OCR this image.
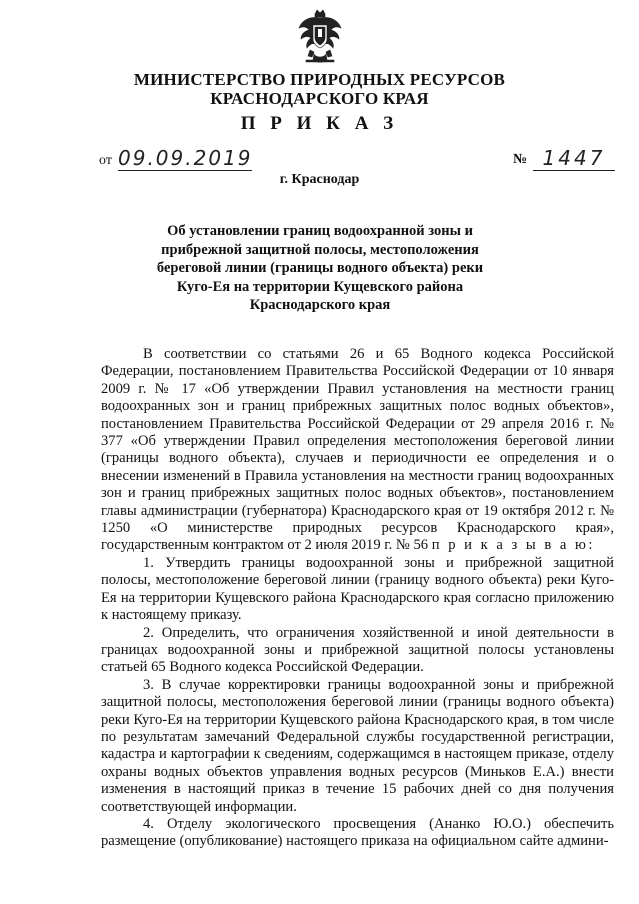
МИНИСТЕРСТВО ПРИРОДНЫХ РЕСУРСОВ
КРАСНОДАРСКОГО КРАЯ
П Р И К А З
от 09.09.2019	№ 1447
г. Краснодар
Об установлении границ водоохранной зоны и
прибрежной защитной полосы, местоположения
береговой линии (границы водного объекта) реки
Куго-Ея на территории Кущевского района
Краснодарского края

В соответствии со статьями 26 и 65 Водного кодекса Российской Федерации, постановлением Правительства Российской Федерации от 10 января 2009 г. № 17 «Об утверждении Правил установления на местности границ водоохранных зон и границ прибрежных защитных полос водных объектов», постановлением Правительства Российской Федерации от 29 апреля 2016 г. № 377 «Об утверждении Правил определения местоположения береговой линии (границы водного объекта), случаев и периодичности ее определения и о внесении изменений в Правила установления на местности границ водоохранных зон и границ прибрежных защитных полос водных объектов», постановлением главы администрации (губернатора) Краснодарского края от 19 октября 2012 г. № 1250 «О министерстве природных ресурсов Краснодарского края», государственным контрактом от 2 июля 2019 г. № 56 п р и к а з ы в а ю:

1. Утвердить границы водоохранной зоны и прибрежной защитной полосы, местоположение береговой линии (границу водного объекта) реки Куго-Ея на территории Кущевского района Краснодарского края согласно приложению к настоящему приказу.

2. Определить, что ограничения хозяйственной и иной деятельности в границах водоохранной зоны и прибрежной защитной полосы установлены статьей 65 Водного кодекса Российской Федерации.

3. В случае корректировки границы водоохранной зоны и прибрежной защитной полосы, местоположения береговой линии (границы водного объекта) реки Куго-Ея на территории Кущевского района Краснодарского края, в том числе по результатам замечаний Федеральной службы государственной регистрации, кадастра и картографии к сведениям, содержащимся в настоящем приказе, отделу охраны водных объектов управления водных ресурсов (Миньков Е.А.) внести изменения в настоящий приказ в течение 15 рабочих дней со дня получения соответствующей информации.

4. Отделу экологического просвещения (Ананко Ю.О.) обеспечить размещение (опубликование) настоящего приказа на официальном сайте админи-
